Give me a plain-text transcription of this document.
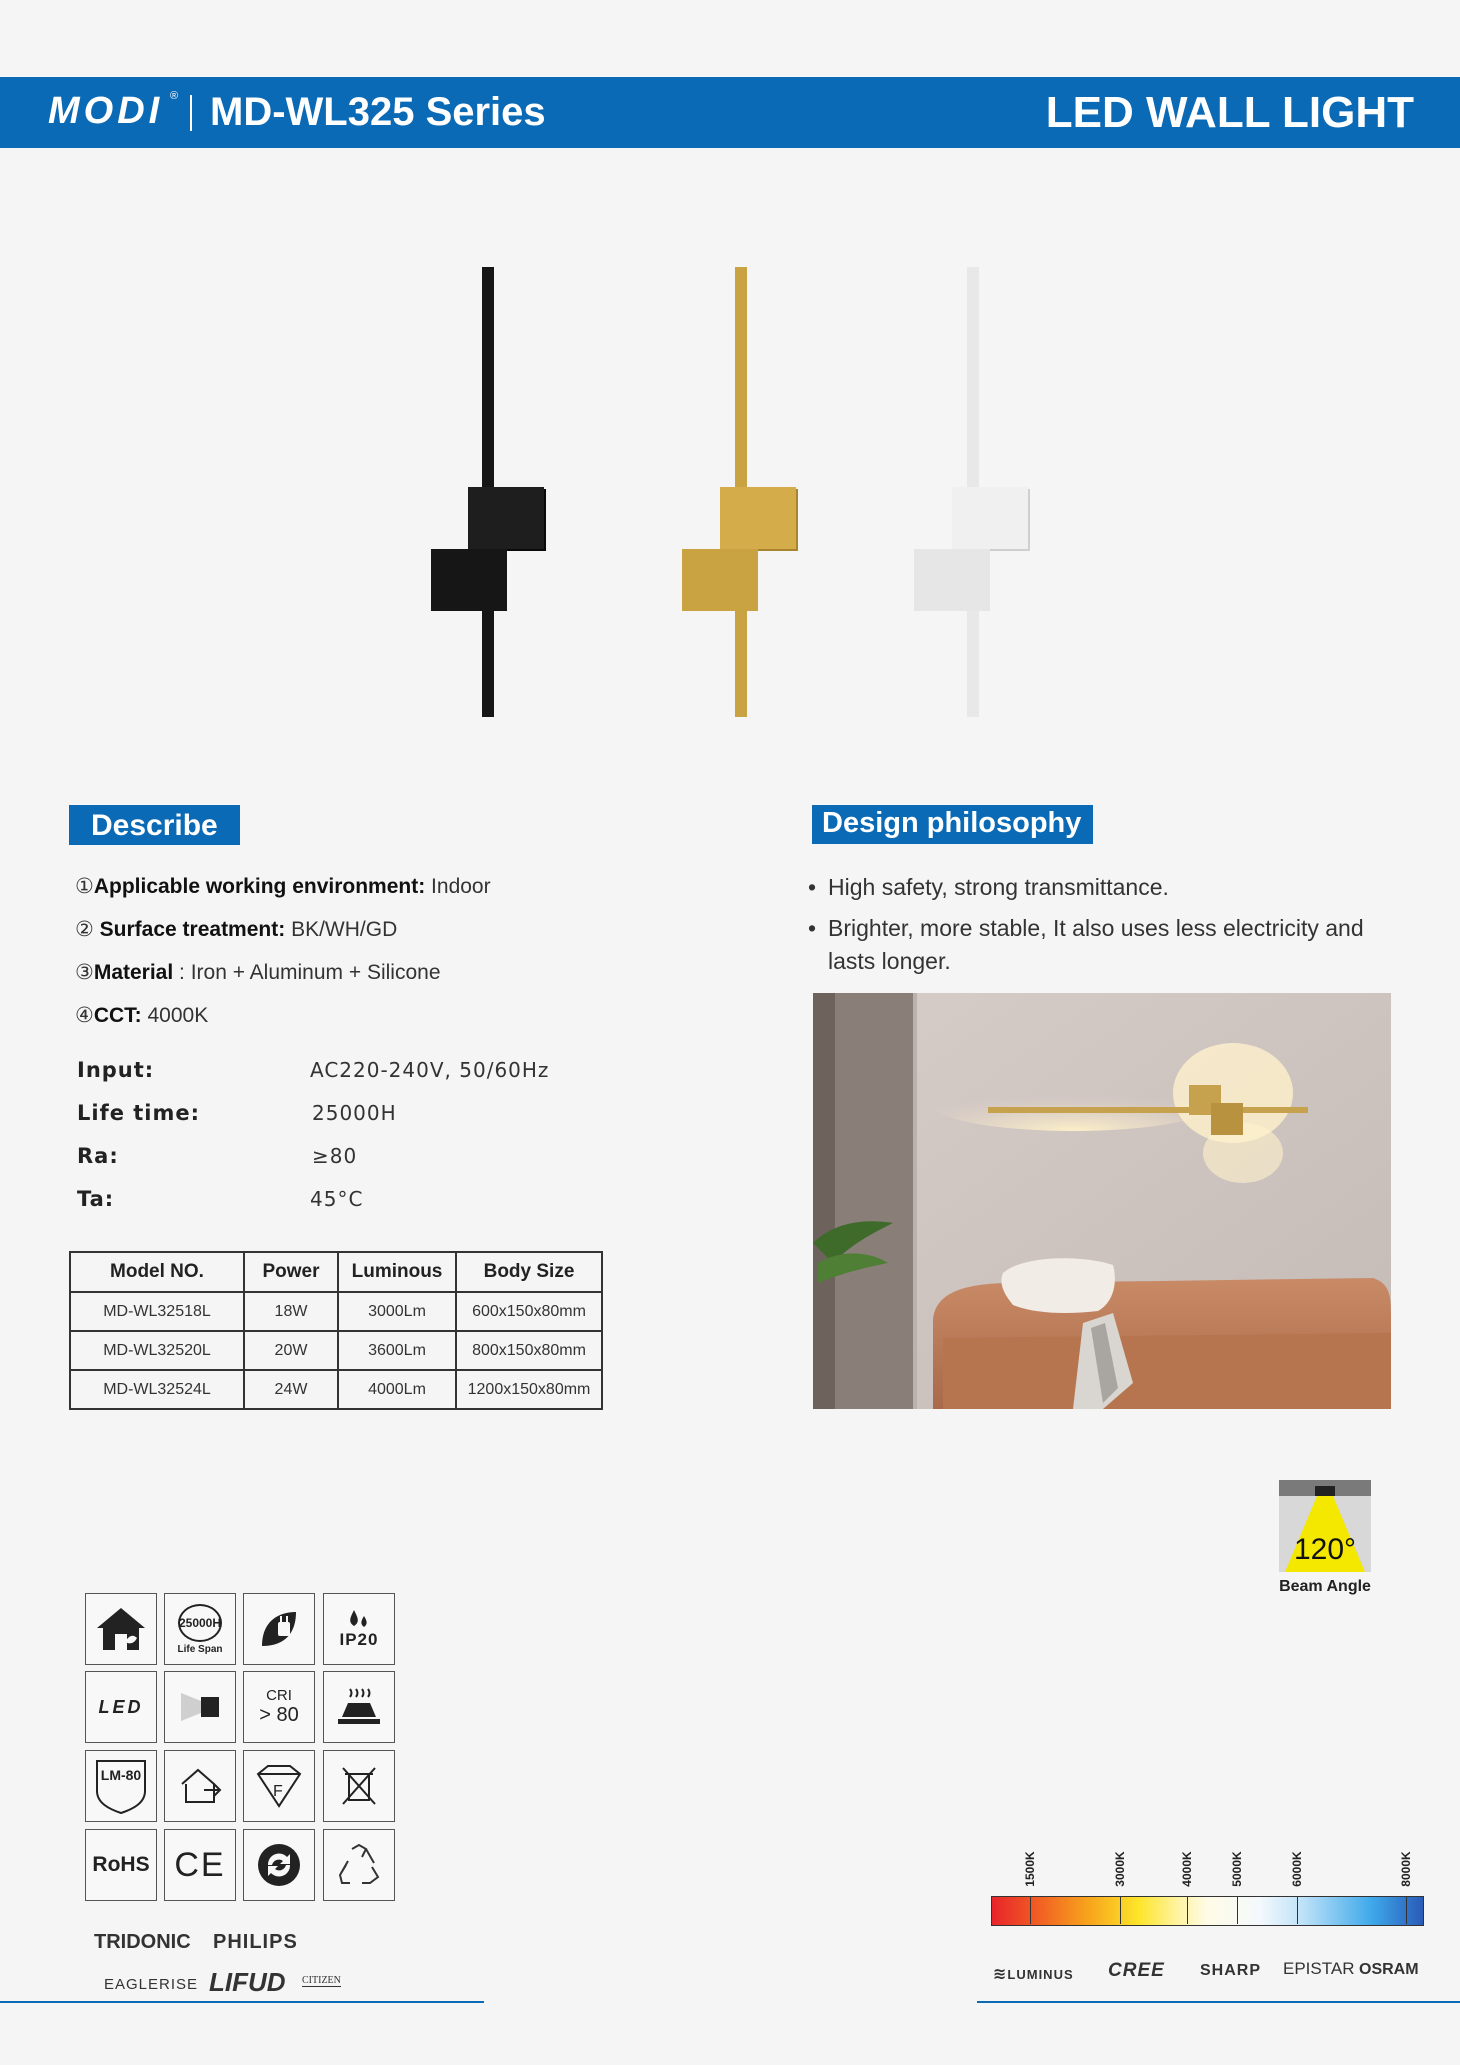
MODI ® MD-WL325 Series	LED WALL LIGHT
Describe
①Applicable working environment: Indoor
② Surface treatment: BK/WH/GD
③Material : Iron + Aluminum + Silicone
④CCT: 4000K
Input:	AC220-240V, 50/60Hz
Life time:	25000H
Ra:	≥80
Ta:	45°C
Model NO.	Power	Luminous	Body Size
MD-WL32518L	18W	3000Lm	600x150x80mm
MD-WL32520L	20W	3600Lm	800x150x80mm
MD-WL32524L	24W	4000Lm	1200x150x80mm
Design philosophy
• High safety, strong transmittance.
• Brighter, more stable, It also uses less electricity and lasts longer.
120°
Beam Angle
25000H
Life Span	IP20
LED
CRI
> 80
LM-80
F
RoHS CE
TRIDONIC PHILIPS
EAGLERISE LIFUD CITIZEN
1500K	3000K	4000K	5000K	6000K	8000K
≋LUMINUS CREE SHARP EPISTAR OSRAM
